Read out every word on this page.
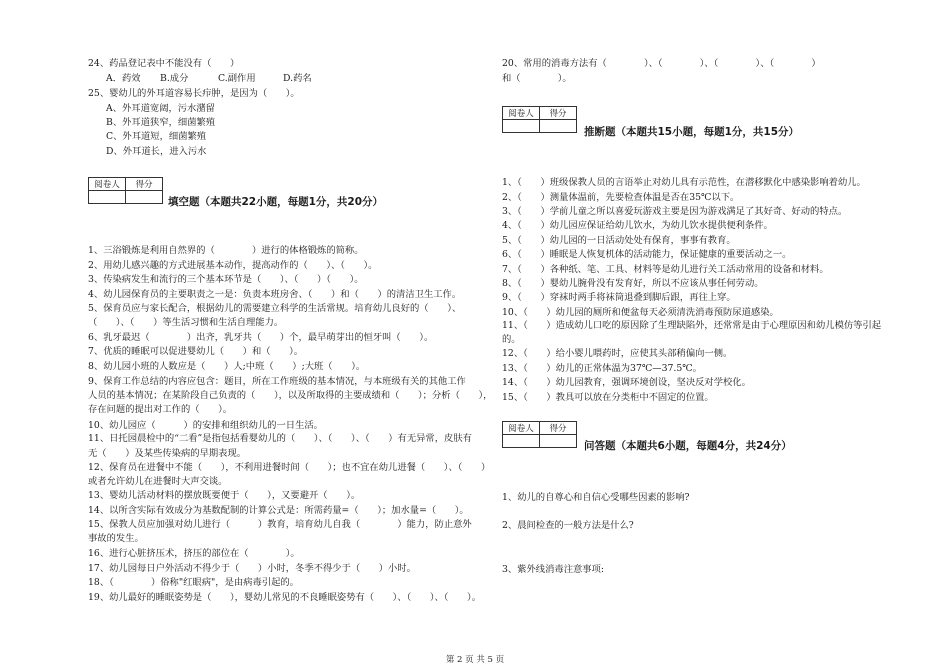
24、药品登记表中不能没有（　　）
A．药效 B.成分	C.副作用	D.药名
25、婴幼儿的外耳道容易长疖肿，是因为（　　）。
A、外耳道宽阔，污水潴留
B、外耳道狭窄，细菌繁殖
C、外耳道短，细菌繁殖
D、外耳道长，进入污水
阅卷人	得分

填空题（本题共22小题，每题1分，共20分）
1、三浴锻炼是利用自然界的（　　　　）进行的体格锻炼的简称。
2、用幼儿感兴趣的方式进展基本动作，提高动作的（　　）、（　　）。
3、传染病发生和流行的三个基本环节是（　　）、（　　）（　　）。
4、幼儿园保育员的主要职责之一是：负责本班房舍、（　　）和（　　）的清洁卫生工作。
5、保育员应与家长配合，根据幼儿的需要建立科学的生活常规。培育幼儿良好的（　　）、
（　　）、（　　）等生活习惯和生活自理能力。
6、乳牙最迟（　　　　）出齐，乳牙共（　　）个，最早萌芽出的恒牙叫（　　）。
7、优质的睡眠可以促进婴幼儿（　　）和（　　）。
8、幼儿园小班的人数应是（　　）人;中班（　　）;大班（　　）。
9、保育工作总结的内容应包含：题目，所在工作班级的基本情况，与本班级有关的其他工作
人员的基本情况；在某阶段自己负责的（　　），以及所取得的主要成绩和（　　）；分析（　　），
存在问题的提出对工作的（　　）。
10、幼儿园应（　　　）的安排和组织幼儿的一日生活。
11、日托园晨检中的“二看”是指包括看婴幼儿的（　　）、（　　）、（　　）有无异常，皮肤有
无（　　）及某些传染病的早期表现。
12、保育员在进餐中不能（　　），不利用进餐时间（　　）；也不宜在幼儿进餐（　　）、（　　）
或者允许幼儿在进餐时大声交谈。
13、婴幼儿活动材料的摆放既要便于（　　），又要避开（　　）。
14、以所含实际有效成分为基数配制的计算公式是：所需药量=（　　）；加水量=（　　）。
15、保教人员应加强对幼儿进行（　　　）教育，培育幼儿自我（　　　　）能力，防止意外
事故的发生。
16、进行心脏挤压术，挤压的部位在（　　　　）。
17、幼儿园每日户外活动不得少于（　　）小时，冬季不得少于（　　）小时。
18、（　　　　）俗称"红眼病"，是由病毒引起的。
19、幼儿最好的睡眠姿势是（　　），婴幼儿常见的不良睡眠姿势有（　　）、（　　）、（　　）。
20、常用的消毒方法有（　　　　）、（　　　　）、（　　　　）、（　　　　）
和（　　　　）。
阅卷人	得分

推断题（本题共15小题，每题1分，共15分）
1、（　　）班级保教人员的言语举止对幼儿具有示范性，在潜移默化中感染影响着幼儿。
2、（　　）测量体温前，先要检查体温是否在35℃以下。
3、（　　）学前儿童之所以喜爱玩游戏主要是因为游戏满足了其好奇、好动的特点。
4、（　　）幼儿园应保证给幼儿饮水，为幼儿饮水提供便利条件。
5、（　　）幼儿园的一日活动处处有保育，事事有教育。
6、（　　）睡眠是人恢复机体的活动能力，保证健康的重要活动之一。
7、（　　）各种纸、笔、工具、材料等是幼儿进行关工活动常用的设备和材料。
8、（　　）婴幼儿腕骨没有发育好，所以不应该从事任何劳动。
9、（　　）穿袜时两手将袜筒退叠到脚后跟，再往上穿。
10、（　　）幼儿园的厕所和便盆每天必须清洗消毒预防尿道感染。
11、（　　）造成幼儿口吃的原因除了生理缺陷外，还常常是由于心理原因和幼儿模仿等引起
的。
12、（　　）给小婴儿喂药时，应使其头部稍偏向一侧。
13、（　　）幼儿的正常体温为37℃—37.5℃。
14、（　　）幼儿园教育，强调环境创设，坚决反对学校化。
15、（　　）教具可以放在分类柜中不固定的位置。
阅卷人	得分

问答题（本题共6小题，每题4分，共24分）
1、幼儿的自尊心和自信心受哪些因素的影响?
2、晨间检查的一般方法是什么?
3、紫外线消毒注意事项:
第 2 页 共 5 页
